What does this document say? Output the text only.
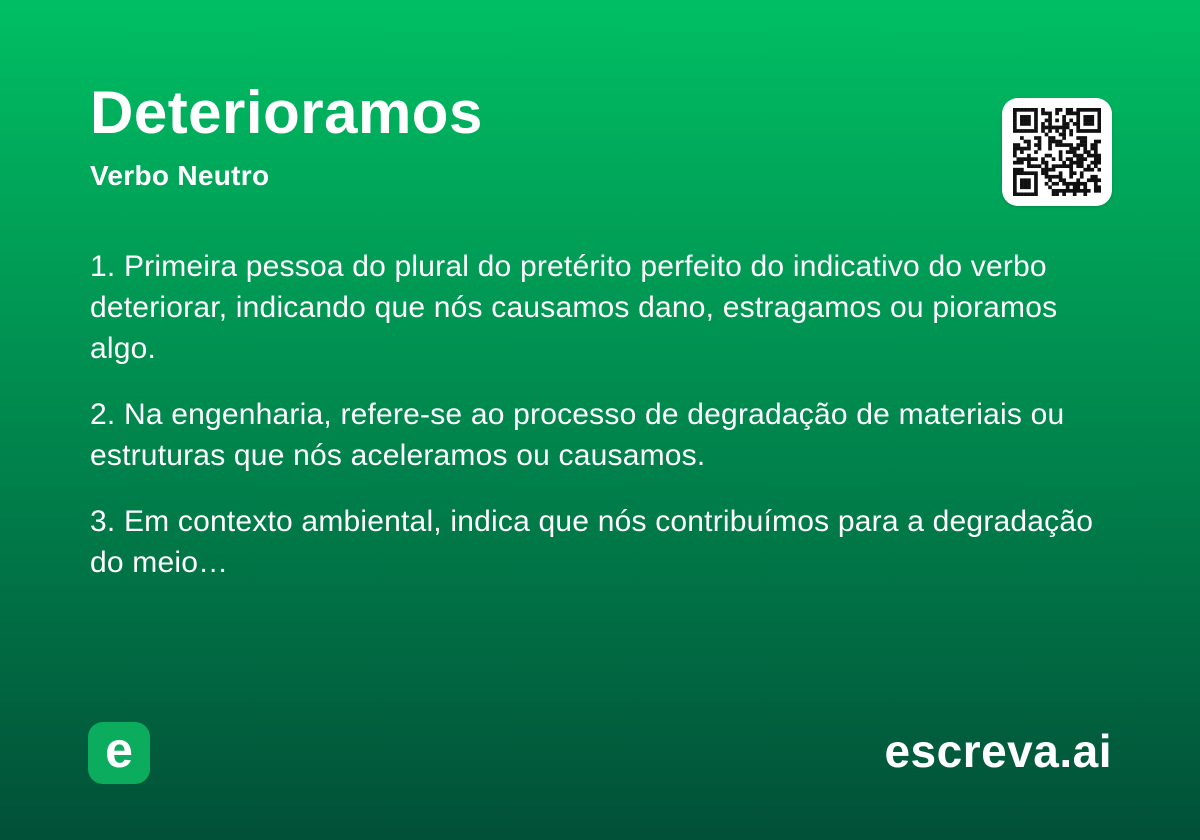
Deterioramos
Verbo Neutro

1. Primeira pessoa do plural do pretérito perfeito do indicativo do verbo deteriorar, indicando que nós causamos dano, estragamos ou pioramos algo.

2. Na engenharia, refere-se ao processo de degradação de materiais ou estruturas que nós aceleramos ou causamos.

3. Em contexto ambiental, indica que nós contribuímos para a degradação do meio…

e	escreva.ai
